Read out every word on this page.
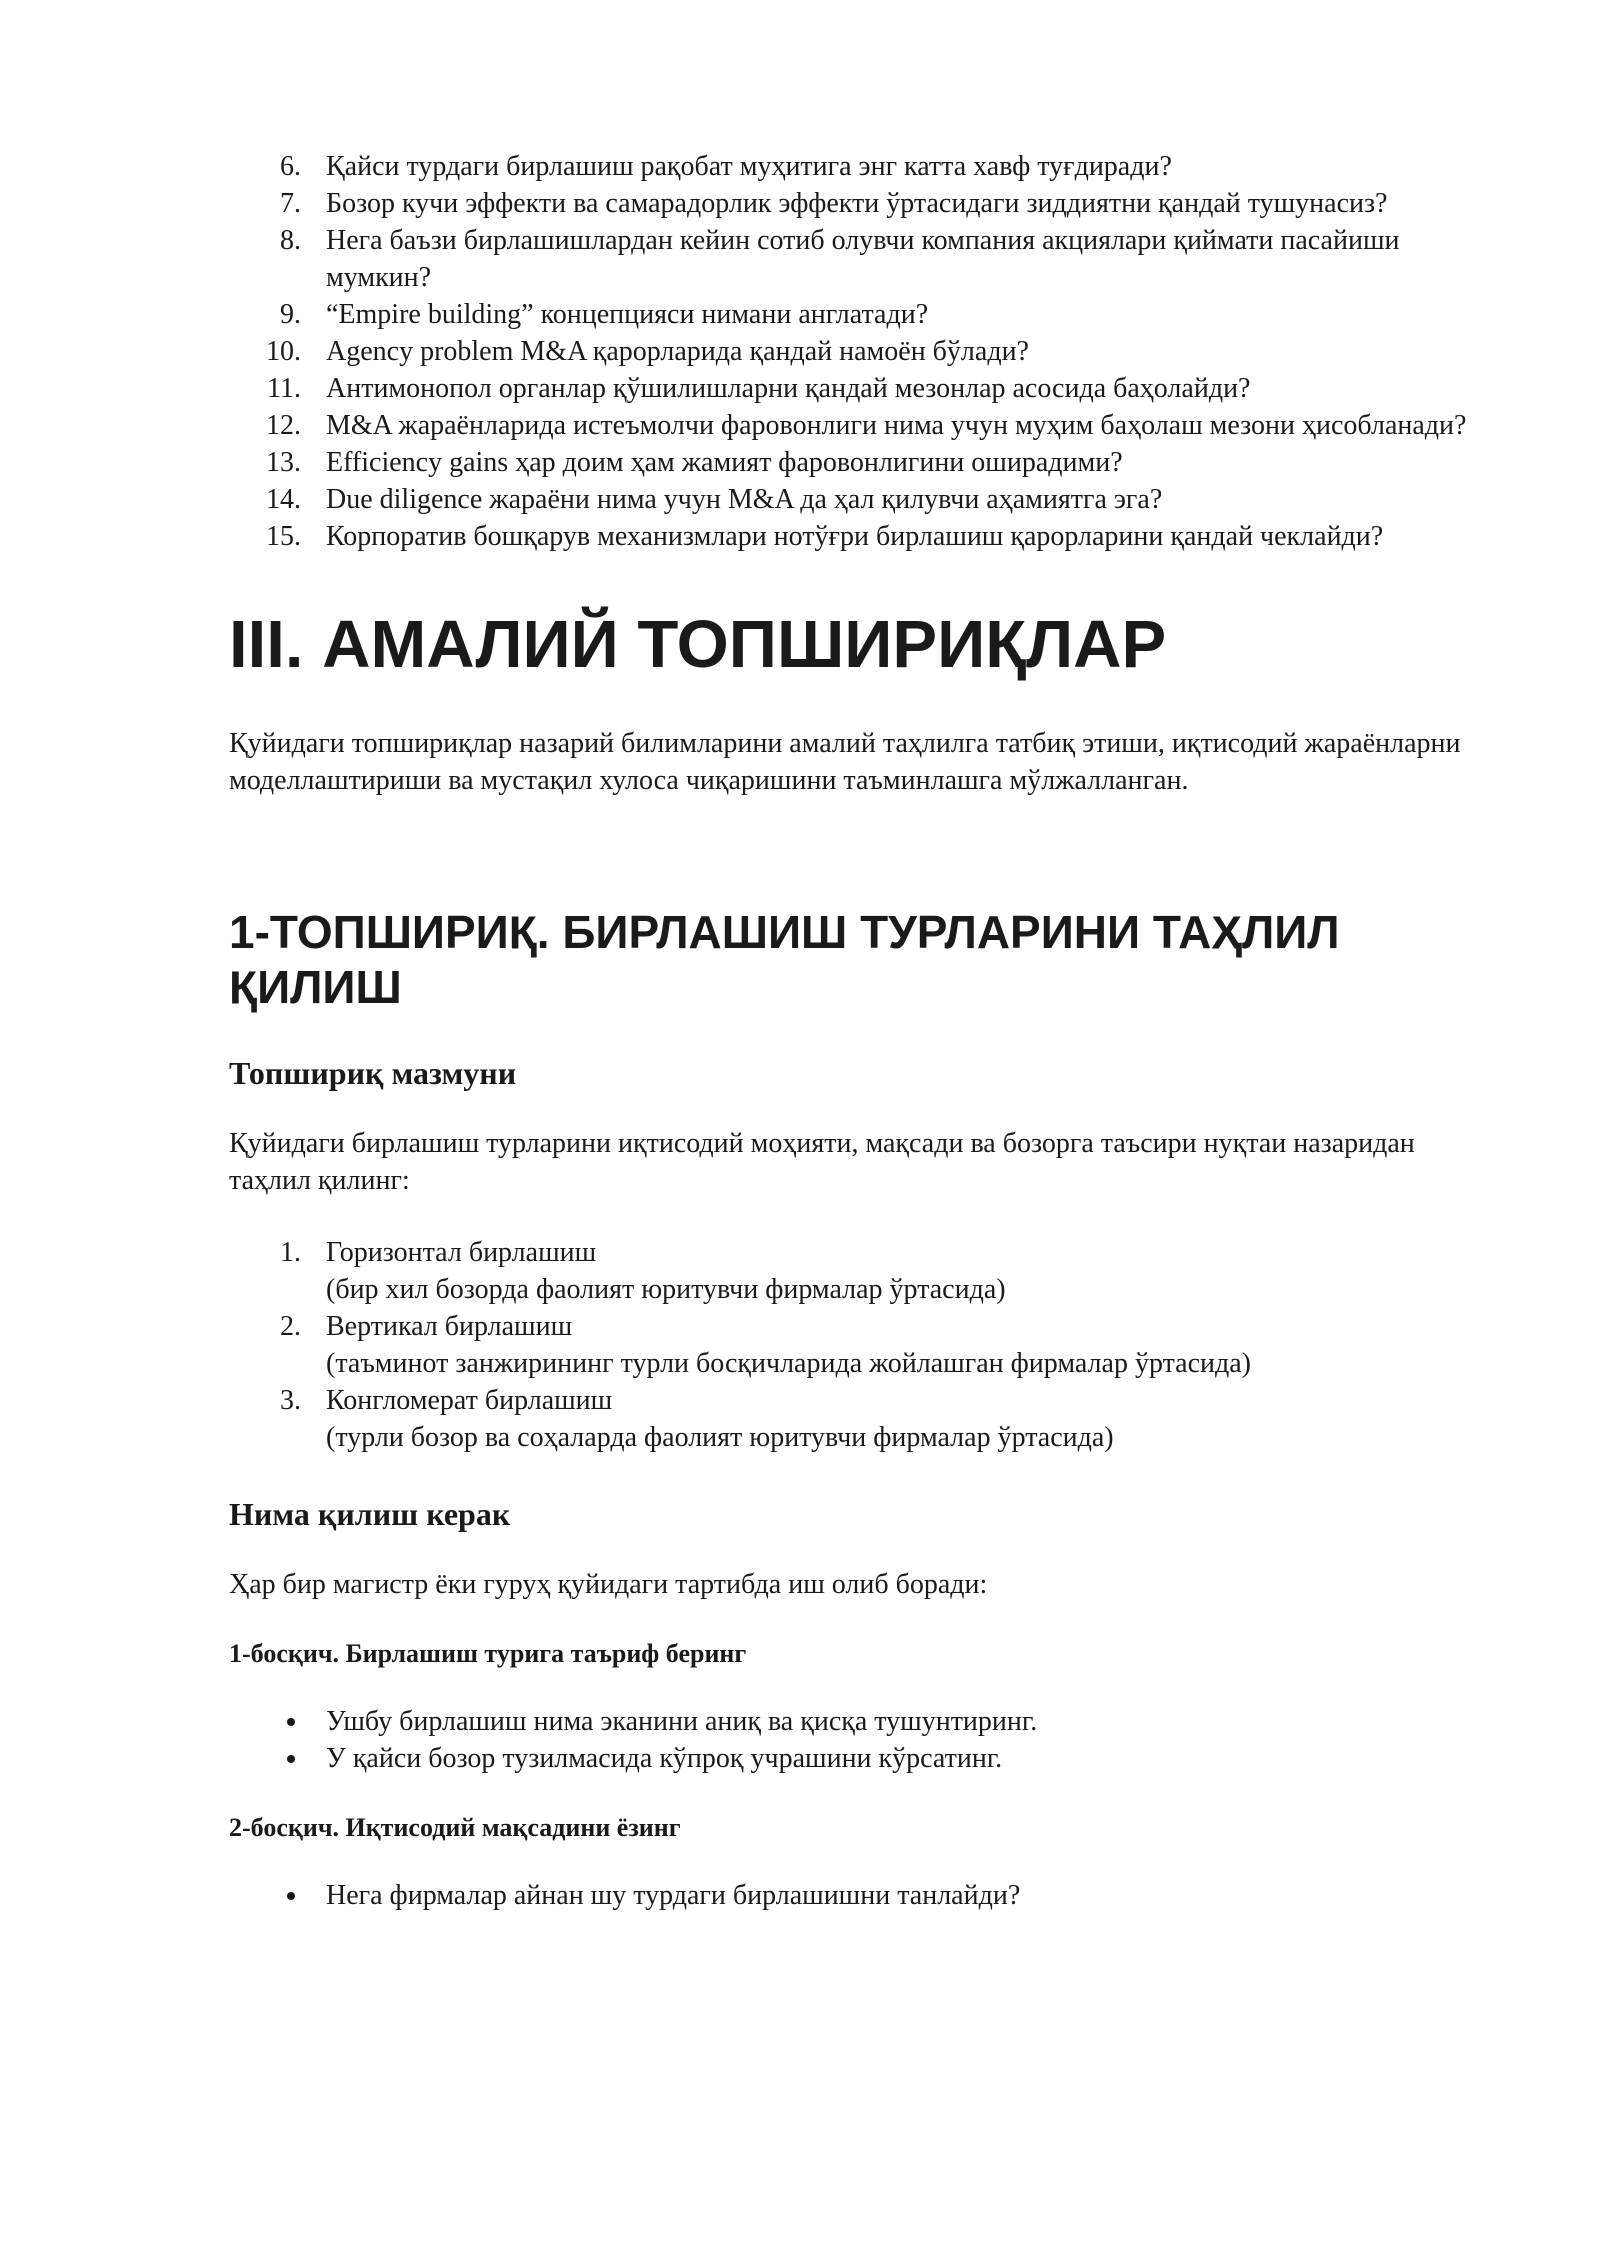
6. Қайси турдаги бирлашиш рақобат муҳитига энг катта хавф туғдиради?
7. Бозор кучи эффекти ва самарадорлик эффекти ўртасидаги зиддиятни қандай тушунасиз?
8. Нега баъзи бирлашишлардан кейин сотиб олувчи компания акциялари қиймати пасайиши мумкин?
9. “Empire building” концепцияси нимани англатади?
10. Agency problem M&A қарорларида қандай намоён бўлади?
11. Антимонопол органлар қўшилишларни қандай мезонлар асосида баҳолайди?
12. M&A жараёнларида истеъмолчи фаровонлиги нима учун муҳим баҳолаш мезони ҳисобланади?
13. Efficiency gains ҳар доим ҳам жамият фаровонлигини оширадими?
14. Due diligence жараёни нима учун M&A да ҳал қилувчи аҳамиятга эга?
15. Корпоратив бошқарув механизмлари нотўғри бирлашиш қарорларини қандай чеклайди?
III. АМАЛИЙ ТОПШИРИҚЛАР

Қуйидаги топшириқлар назарий билимларини амалий таҳлилга татбиқ этиши, иқтисодий жараёнларни моделлаштириши ва мустақил хулоса чиқаришини таъминлашга мўлжалланган.

1-ТОПШИРИҚ. БИРЛАШИШ ТУРЛАРИНИ ТАҲЛИЛ ҚИЛИШ
Топшириқ мазмуни

Қуйидаги бирлашиш турларини иқтисодий моҳияти, мақсади ва бозорга таъсири нуқтаи назаридан таҳлил қилинг:

1. Горизонтал бирлашиш
(бир хил бозорда фаолият юритувчи фирмалар ўртасида)
2. Вертикал бирлашиш
(таъминот занжирининг турли босқичларида жойлашган фирмалар ўртасида)
3. Конгломерат бирлашиш
(турли бозор ва соҳаларда фаолият юритувчи фирмалар ўртасида)
Нима қилиш керак

Ҳар бир магистр ёки гуруҳ қуйидаги тартибда иш олиб боради:

1-босқич. Бирлашиш турига таъриф беринг
Ушбу бирлашиш нима эканини аниқ ва қисқа тушунтиринг.
У қайси бозор тузилмасида кўпроқ учрашини кўрсатинг.
2-босқич. Иқтисодий мақсадини ёзинг
Нега фирмалар айнан шу турдаги бирлашишни танлайди?
